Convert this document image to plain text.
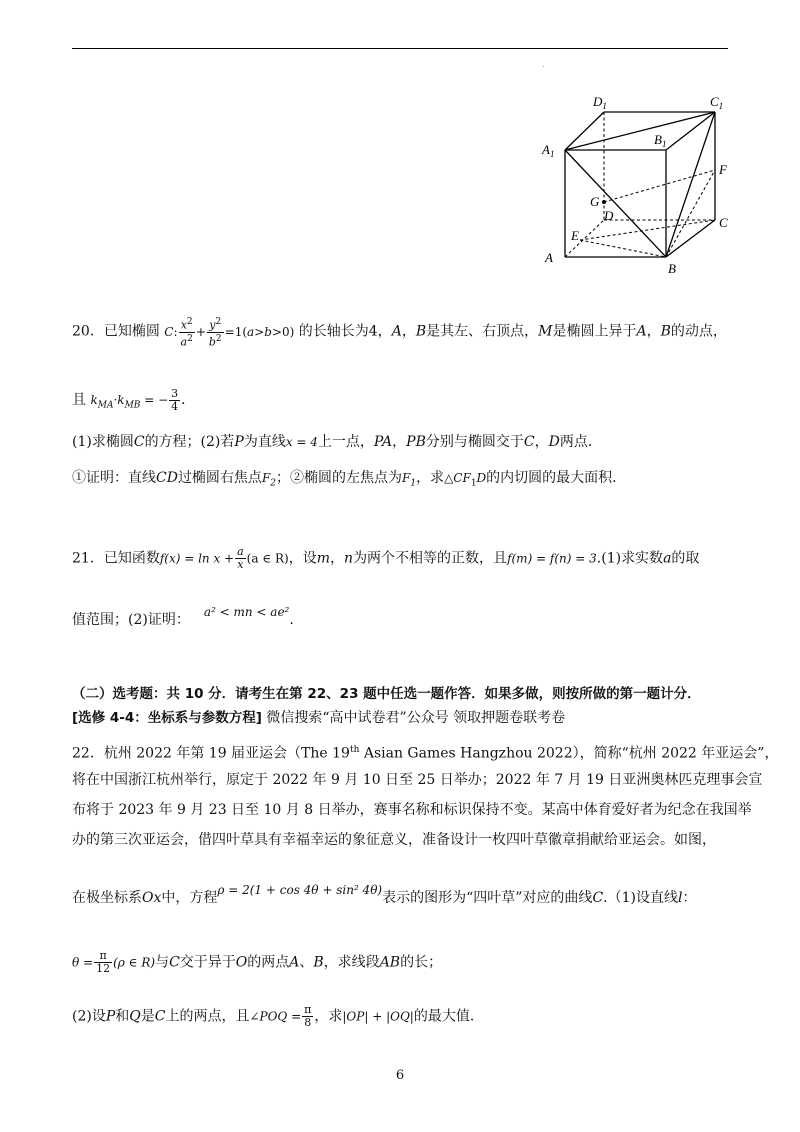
.
$D_1$	$C_1$
$A_1$
$B_1$
F
G
D	C
E
A
B
20．已知椭圆 C: $\frac{x^2}{a^2} + \frac{y^2}{b^2} =1(a>b>0)$ 的长轴长为4，A，B是其左、右顶点，M是椭圆上异于A，B的动点，
且 $k_{MA}\cdot k_{MB}$ = − $\frac{3}{4}$ ．
(1)求椭圆C的方程；(2)若P为直线x = 4上一点，PA，PB分别与椭圆交于C，D两点．
①证明：直线CD过椭圆右焦点$F_2$；②椭圆的左焦点为$F_1$，求$\triangle CF_1D$的内切圆的最大面积．
21．已知函数$f(x) = \ln x + \frac{a}{x} (a$ ∈ R)，设m，n为两个不相等的正数，且f(m) = f(n) = 3.(1)求实数a的取
值范围；(2)证明： a² < mn < ae².
（二）选考题：共 10 分．请考生在第 22、23 题中任选一题作答．如果多做，则按所做的第一题计分．
[选修 4-4：坐标系与参数方程] 微信搜索“高中试卷君”公众号 领取押题卷联考卷
22．杭州 2022 年第 19 届亚运会（The 19th Asian Games Hangzhou 2022），简称“杭州 2022 年亚运会”，
将在中国浙江杭州举行，原定于 2022 年 9 月 10 日至 25 日举办；2022 年 7 月 19 日亚洲奥林匹克理事会宣
布将于 2023 年 9 月 23 日至 10 月 8 日举办，赛事名称和标识保持不变。某高中体育爱好者为纪念在我国举
办的第三次亚运会，借四叶草具有幸福幸运的象征意义，准备设计一枚四叶草徽章捐献给亚运会。如图，
在极坐标系Ox中，方程ρ = 2(1 + cos 4θ + sin² 4θ)表示的图形为“四叶草”对应的曲线C.（1)设直线l：
$\theta = \frac{\pi}{12} (\rho$ ∈ R)与C交于异于O的两点A、B，求线段AB的长；
(2)设P和Q是C上的两点，且∠POQ = $\frac{\pi}{8}$ ，求|OP| + |OQ|的最大值．
6
